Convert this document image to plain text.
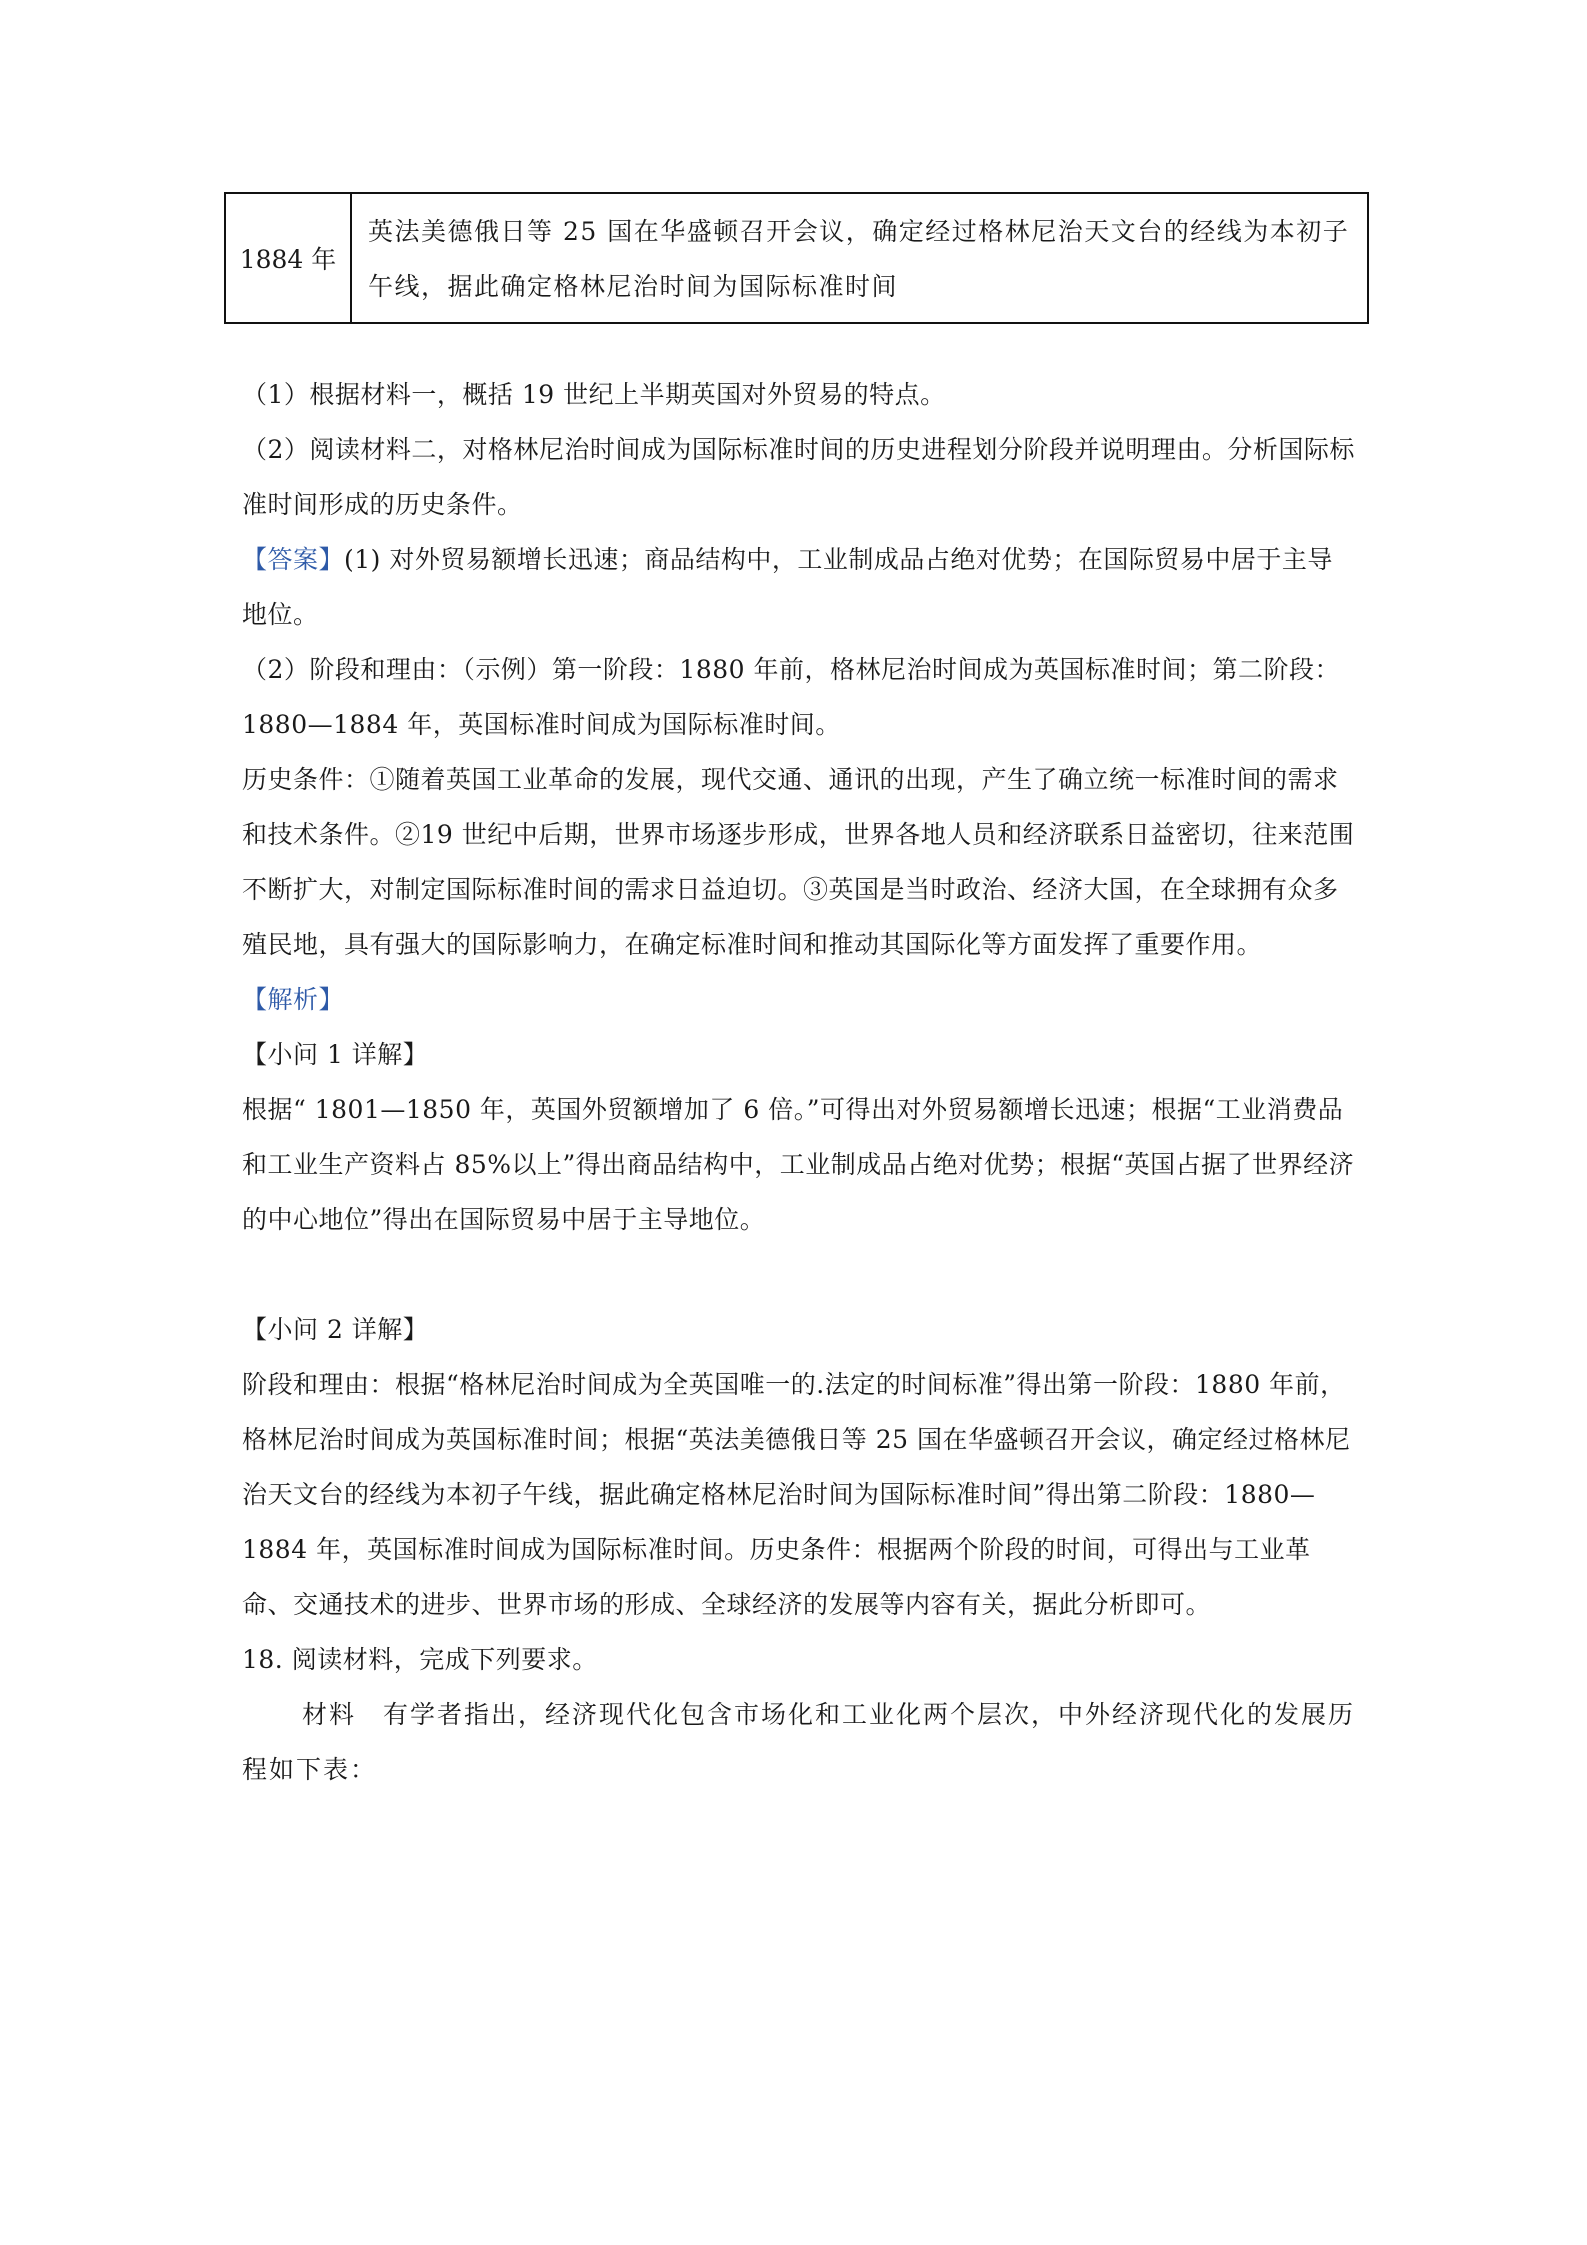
1884 年
英法美德俄日等 25 国在华盛顿召开会议，确定经过格林尼治天文台的经线为本初子午线，据此确定格林尼治时间为国际标准时间

（1）根据材料一，概括 19 世纪上半期英国对外贸易的特点。

（2）阅读材料二，对格林尼治时间成为国际标准时间的历史进程划分阶段并说明理由。分析国际标准时间形成的历史条件。

【答案】(1) 对外贸易额增长迅速；商品结构中，工业制成品占绝对优势；在国际贸易中居于主导地位。

（2）阶段和理由：（示例）第一阶段：1880 年前，格林尼治时间成为英国标准时间；第二阶段：1880—1884 年，英国标准时间成为国际标准时间。

历史条件：①随着英国工业革命的发展，现代交通、通讯的出现，产生了确立统一标准时间的需求和技术条件。②19 世纪中后期，世界市场逐步形成，世界各地人员和经济联系日益密切，往来范围不断扩大，对制定国际标准时间的需求日益迫切。③英国是当时政治、经济大国，在全球拥有众多殖民地，具有强大的国际影响力，在确定标准时间和推动其国际化等方面发挥了重要作用。

【解析】

【小问 1 详解】

根据“ 1801—1850 年，英国外贸额增加了 6 倍。”可得出对外贸易额增长迅速；根据“工业消费品和工业生产资料占 85%以上”得出商品结构中，工业制成品占绝对优势；根据“英国占据了世界经济的中心地位”得出在国际贸易中居于主导地位。

【小问 2 详解】

阶段和理由：根据“格林尼治时间成为全英国唯一的.法定的时间标准”得出第一阶段：1880 年前，格林尼治时间成为英国标准时间；根据“英法美德俄日等 25 国在华盛顿召开会议，确定经过格林尼治天文台的经线为本初子午线，据此确定格林尼治时间为国际标准时间”得出第二阶段：1880—1884 年，英国标准时间成为国际标准时间。历史条件：根据两个阶段的时间，可得出与工业革命、交通技术的进步、世界市场的形成、全球经济的发展等内容有关，据此分析即可。

18. 阅读材料，完成下列要求。

材料　有学者指出，经济现代化包含市场化和工业化两个层次，中外经济现代化的发展历程如下表：
